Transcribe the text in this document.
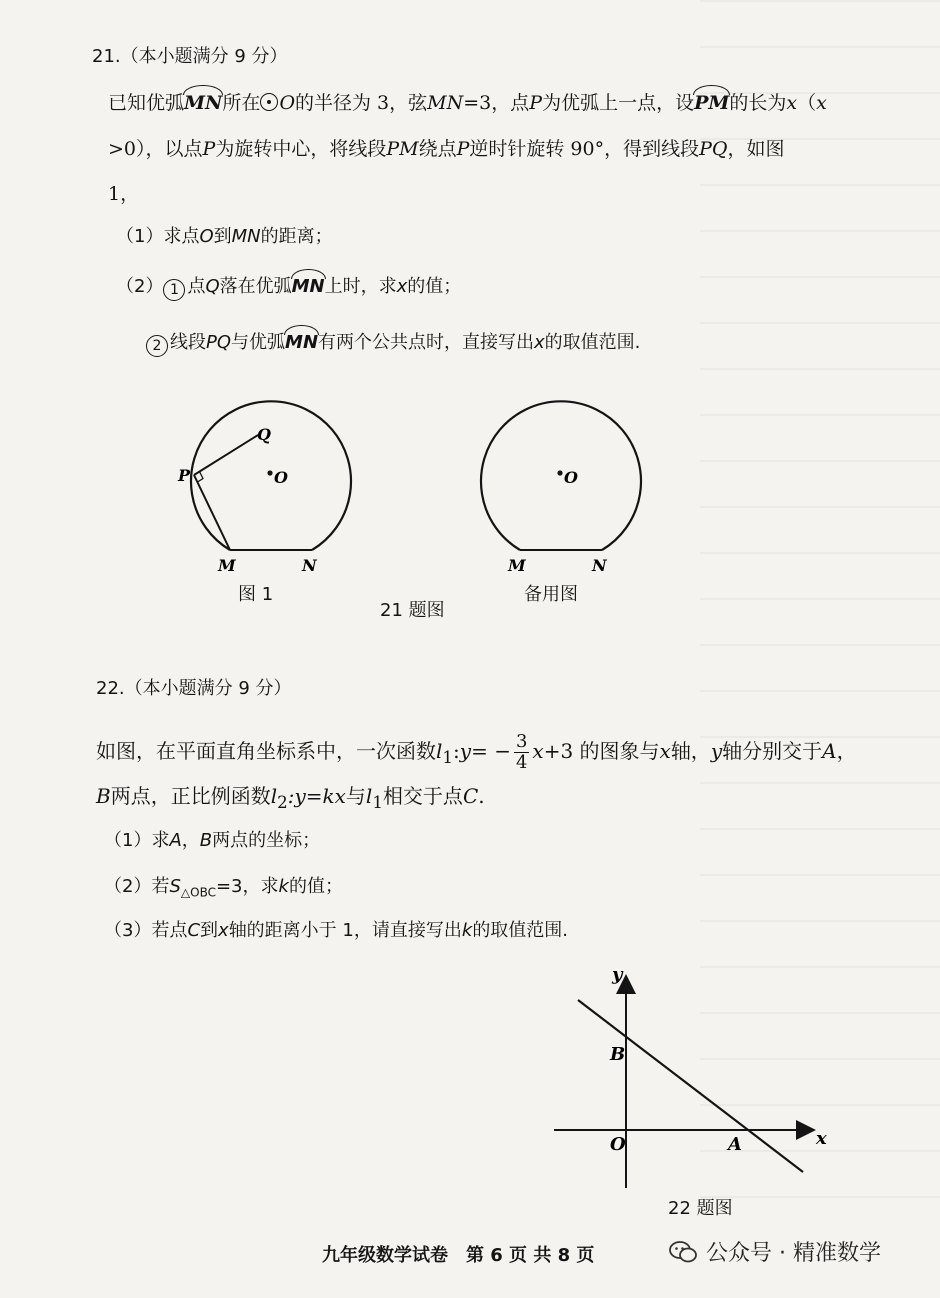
21.（本小题满分 9 分）
已知优弧MN所在 O的半径为 3，弦MN=3，点P为优弧上一点，设PM的长为x（x
>0），以点P为旋转中心，将线段PM绕点P逆时针旋转 90°，得到线段PQ，如图
1，
（1）求点O到MN的距离；
（2） 1 点Q落在优弧MN上时，求x的值；
2 线段PQ与优弧MN有两个公共点时，直接写出x的取值范围.
Q
P	O
M	N
图 1
O
M	N
备用图
21 题图
22.（本小题满分 9 分）
如图，在平面直角坐标系中，一次函数$l_1:y= - \frac{3}{4} x+3$ 的图象与x轴，y轴分别交于A，
B两点，正比例函数$l_2:y=kx$与$l_1$相交于点C.
（1）求A，B两点的坐标；
（2）若$S_{\triangle OBC}=3$，求k的值；
（3）若点C到x轴的距离小于 1，请直接写出k的取值范围.
y
x
B
O	A
22 题图
九年级数学试卷　第 6 页 共 8 页	公众号 · 精准数学
